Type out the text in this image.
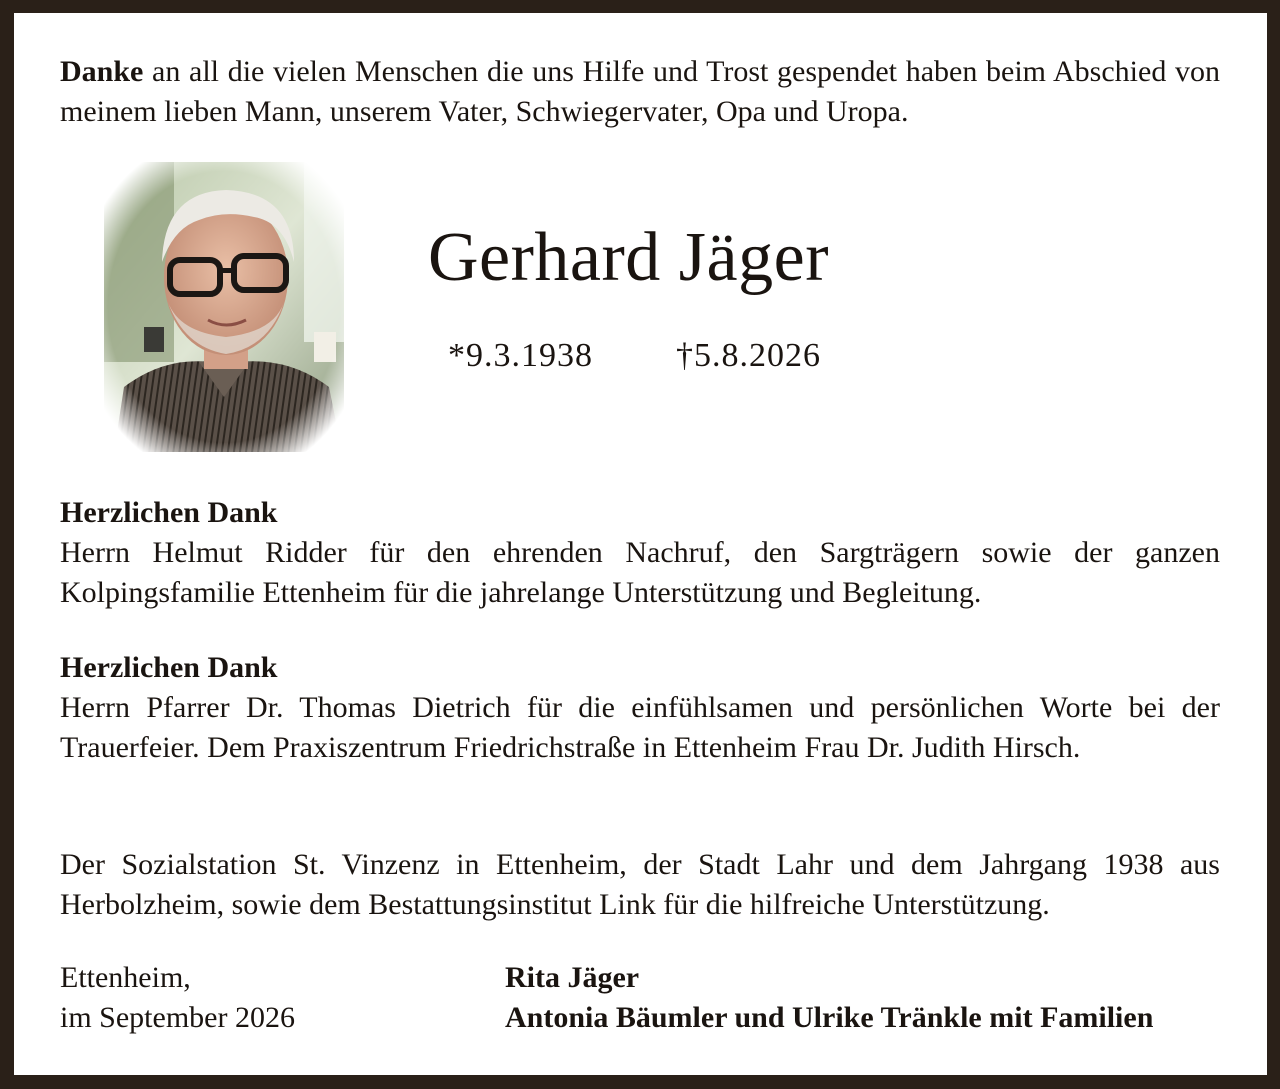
Danke an all die vielen Menschen die uns Hilfe und Trost gespendet haben beim Abschied von meinem lieben Mann, unserem Vater, Schwiegervater, Opa und Uropa.
Gerhard Jäger
*9.3.1938 †5.8.2026
Herzlichen Dank
Herrn Helmut Ridder für den ehrenden Nachruf, den Sargträgern sowie der ganzen Kolpingsfamilie Ettenheim für die jahrelange Unterstützung und Begleitung.
Herzlichen Dank
Herrn Pfarrer Dr. Thomas Dietrich für die einfühlsamen und persönlichen Worte bei der Trauerfeier. Dem Praxiszentrum Friedrichstraße in Ettenheim Frau Dr. Judith Hirsch.
Der Sozialstation St. Vinzenz in Ettenheim, der Stadt Lahr und dem Jahrgang 1938 aus Herbolzheim, sowie dem Bestattungsinstitut Link für die hilfreiche Unterstützung.
Ettenheim,
im September 2026
Rita Jäger
Antonia Bäumler und Ulrike Tränkle mit Familien
